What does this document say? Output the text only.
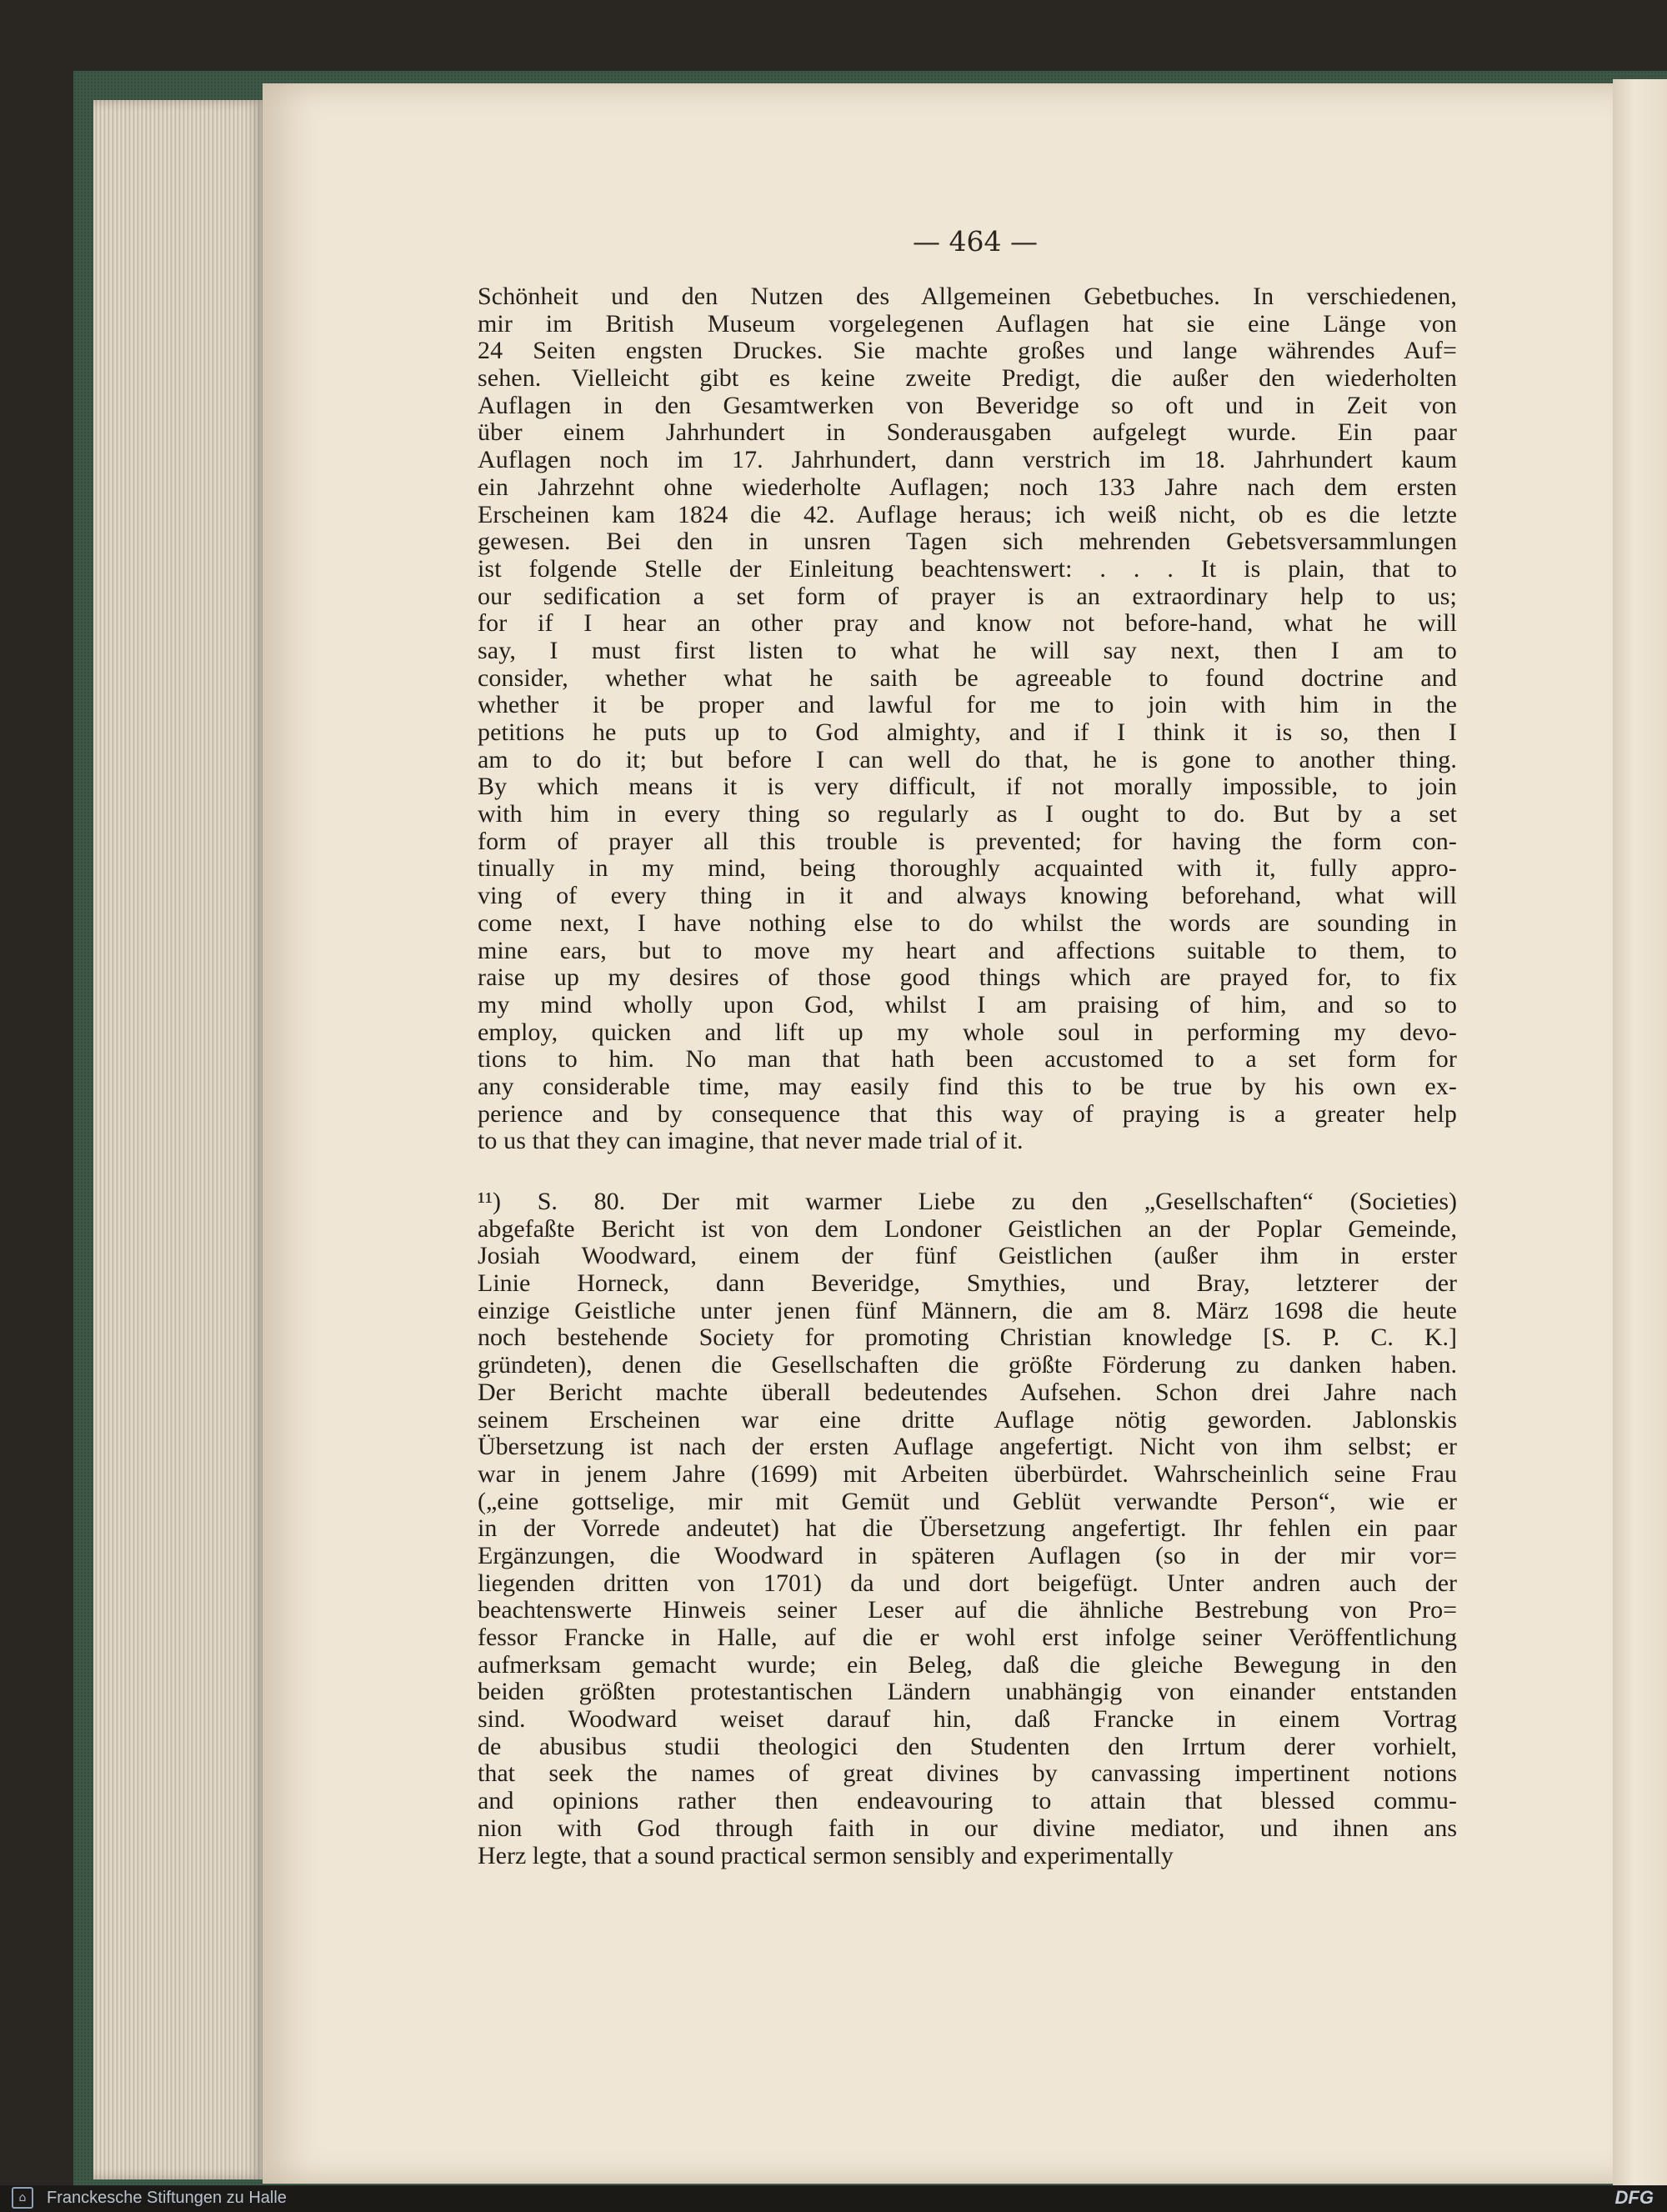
— 464 —
Schönheit und den Nutzen des Allgemeinen Gebetbuches. In verschiedenen,
mir im British Museum vorgelegenen Auflagen hat sie eine Länge von
24 Seiten engsten Druckes. Sie machte großes und lange währendes Auf=
sehen. Vielleicht gibt es keine zweite Predigt, die außer den wiederholten
Auflagen in den Gesamtwerken von Beveridge so oft und in Zeit von
über einem Jahrhundert in Sonderausgaben aufgelegt wurde. Ein paar
Auflagen noch im 17. Jahrhundert, dann verstrich im 18. Jahrhundert kaum
ein Jahrzehnt ohne wiederholte Auflagen; noch 133 Jahre nach dem ersten
Erscheinen kam 1824 die 42. Auflage heraus; ich weiß nicht, ob es die letzte
gewesen. Bei den in unsren Tagen sich mehrenden Gebetsversammlungen
ist folgende Stelle der Einleitung beachtenswert: . . . It is plain, that to
our sedification a set form of prayer is an extraordinary help to us;
for if I hear an other pray and know not before-hand, what he will
say, I must first listen to what he will say next, then I am to
consider, whether what he saith be agreeable to found doctrine and
whether it be proper and lawful for me to join with him in the
petitions he puts up to God almighty, and if I think it is so, then I
am to do it; but before I can well do that, he is gone to another thing.
By which means it is very difficult, if not morally impossible, to join
with him in every thing so regularly as I ought to do. But by a set
form of prayer all this trouble is prevented; for having the form con-
tinually in my mind, being thoroughly acquainted with it, fully appro-
ving of every thing in it and always knowing beforehand, what will
come next, I have nothing else to do whilst the words are sounding in
mine ears, but to move my heart and affections suitable to them, to
raise up my desires of those good things which are prayed for, to fix
my mind wholly upon God, whilst I am praising of him, and so to
employ, quicken and lift up my whole soul in performing my devo-
tions to him. No man that hath been accustomed to a set form for
any considerable time, may easily find this to be true by his own ex-
perience and by consequence that this way of praying is a greater help
to us that they can imagine, that never made trial of it.
¹¹) S. 80. Der mit warmer Liebe zu den „Gesellschaften“ (Societies)
abgefaßte Bericht ist von dem Londoner Geistlichen an der Poplar Gemeinde,
Josiah Woodward, einem der fünf Geistlichen (außer ihm in erster
Linie Horneck, dann Beveridge, Smythies, und Bray, letzterer der
einzige Geistliche unter jenen fünf Männern, die am 8. März 1698 die heute
noch bestehende Society for promoting Christian knowledge [S. P. C. K.]
gründeten), denen die Gesellschaften die größte Förderung zu danken haben.
Der Bericht machte überall bedeutendes Aufsehen. Schon drei Jahre nach
seinem Erscheinen war eine dritte Auflage nötig geworden. Jablonskis
Übersetzung ist nach der ersten Auflage angefertigt. Nicht von ihm selbst; er
war in jenem Jahre (1699) mit Arbeiten überbürdet. Wahrscheinlich seine Frau
(„eine gottselige, mir mit Gemüt und Geblüt verwandte Person“, wie er
in der Vorrede andeutet) hat die Übersetzung angefertigt. Ihr fehlen ein paar
Ergänzungen, die Woodward in späteren Auflagen (so in der mir vor=
liegenden dritten von 1701) da und dort beigefügt. Unter andren auch der
beachtenswerte Hinweis seiner Leser auf die ähnliche Bestrebung von Pro=
fessor Francke in Halle, auf die er wohl erst infolge seiner Veröffentlichung
aufmerksam gemacht wurde; ein Beleg, daß die gleiche Bewegung in den
beiden größten protestantischen Ländern unabhängig von einander entstanden
sind. Woodward weiset darauf hin, daß Francke in einem Vortrag
de abusibus studii theologici den Studenten den Irrtum derer vorhielt,
that seek the names of great divines by canvassing impertinent notions
and opinions rather then endeavouring to attain that blessed commu-
nion with God through faith in our divine mediator, und ihnen ans
Herz legte, that a sound practical sermon sensibly and experimentally
⌂	Franckesche Stiftungen zu Halle	DFG
